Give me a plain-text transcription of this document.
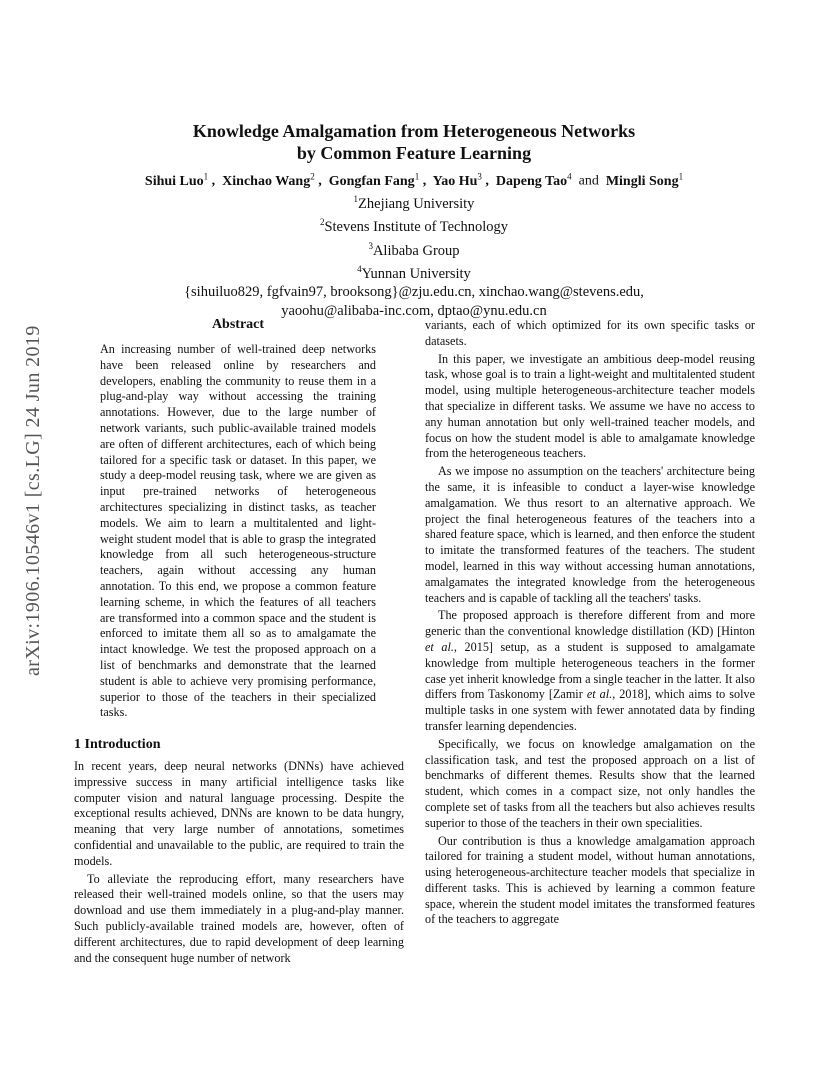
arXiv:1906.10546v1 [cs.LG] 24 Jun 2019
Knowledge Amalgamation from Heterogeneous Networks
by Common Feature Learning
Sihui Luo$^1$ ,  Xinchao Wang$^2$ ,  Gongfan Fang$^1$ ,  Yao Hu$^3$ ,  Dapeng Tao$^4$ and Mingli Song$^1$
$^1$Zhejiang University
$^2$Stevens Institute of Technology
$^3$Alibaba Group
$^4$Yunnan University
{sihuiluo829, fgfvain97, brooksong}@zju.edu.cn, xinchao.wang@stevens.edu,
yaoohu@alibaba-inc.com, dptao@ynu.edu.cn
Abstract
An increasing number of well-trained deep networks have been released online by researchers and developers, enabling the community to reuse them in a plug-and-play way without accessing the training annotations. However, due to the large number of network variants, such public-available trained models are often of different architectures, each of which being tailored for a specific task or dataset. In this paper, we study a deep-model reusing task, where we are given as input pre-trained networks of heterogeneous architectures specializing in distinct tasks, as teacher models. We aim to learn a multitalented and light-weight student model that is able to grasp the integrated knowledge from all such heterogeneous-structure teachers, again without accessing any human annotation. To this end, we propose a common feature learning scheme, in which the features of all teachers are transformed into a common space and the student is enforced to imitate them all so as to amalgamate the intact knowledge. We test the proposed approach on a list of benchmarks and demonstrate that the learned student is able to achieve very promising performance, superior to those of the teachers in their specialized tasks.
1 Introduction

In recent years, deep neural networks (DNNs) have achieved impressive success in many artificial intelligence tasks like computer vision and natural language processing. Despite the exceptional results achieved, DNNs are known to be data hungry, meaning that very large number of annotations, sometimes confidential and unavailable to the public, are required to train the models.

To alleviate the reproducing effort, many researchers have released their well-trained models online, so that the users may download and use them immediately in a plug-and-play manner. Such publicly-available trained models are, however, often of different architectures, due to rapid development of deep learning and the consequent huge number of network

variants, each of which optimized for its own specific tasks or datasets.

In this paper, we investigate an ambitious deep-model reusing task, whose goal is to train a light-weight and multitalented student model, using multiple heterogeneous-architecture teacher models that specialize in different tasks. We assume we have no access to any human annotation but only well-trained teacher models, and focus on how the student model is able to amalgamate knowledge from the heterogeneous teachers.

As we impose no assumption on the teachers' architecture being the same, it is infeasible to conduct a layer-wise knowledge amalgamation. We thus resort to an alternative approach. We project the final heterogeneous features of the teachers into a shared feature space, which is learned, and then enforce the student to imitate the transformed features of the teachers. The student model, learned in this way without accessing human annotations, amalgamates the integrated knowledge from the heterogeneous teachers and is capable of tackling all the teachers' tasks.

The proposed approach is therefore different from and more generic than the conventional knowledge distillation (KD) [Hinton et al., 2015] setup, as a student is supposed to amalgamate knowledge from multiple heterogeneous teachers in the former case yet inherit knowledge from a single teacher in the latter. It also differs from Taskonomy [Zamir et al., 2018], which aims to solve multiple tasks in one system with fewer annotated data by finding transfer learning dependencies.

Specifically, we focus on knowledge amalgamation on the classification task, and test the proposed approach on a list of benchmarks of different themes. Results show that the learned student, which comes in a compact size, not only handles the complete set of tasks from all the teachers but also achieves results superior to those of the teachers in their own specialities.

Our contribution is thus a knowledge amalgamation approach tailored for training a student model, without human annotations, using heterogeneous-architecture teacher models that specialize in different tasks. This is achieved by learning a common feature space, wherein the student model imitates the transformed features of the teachers to aggregate
